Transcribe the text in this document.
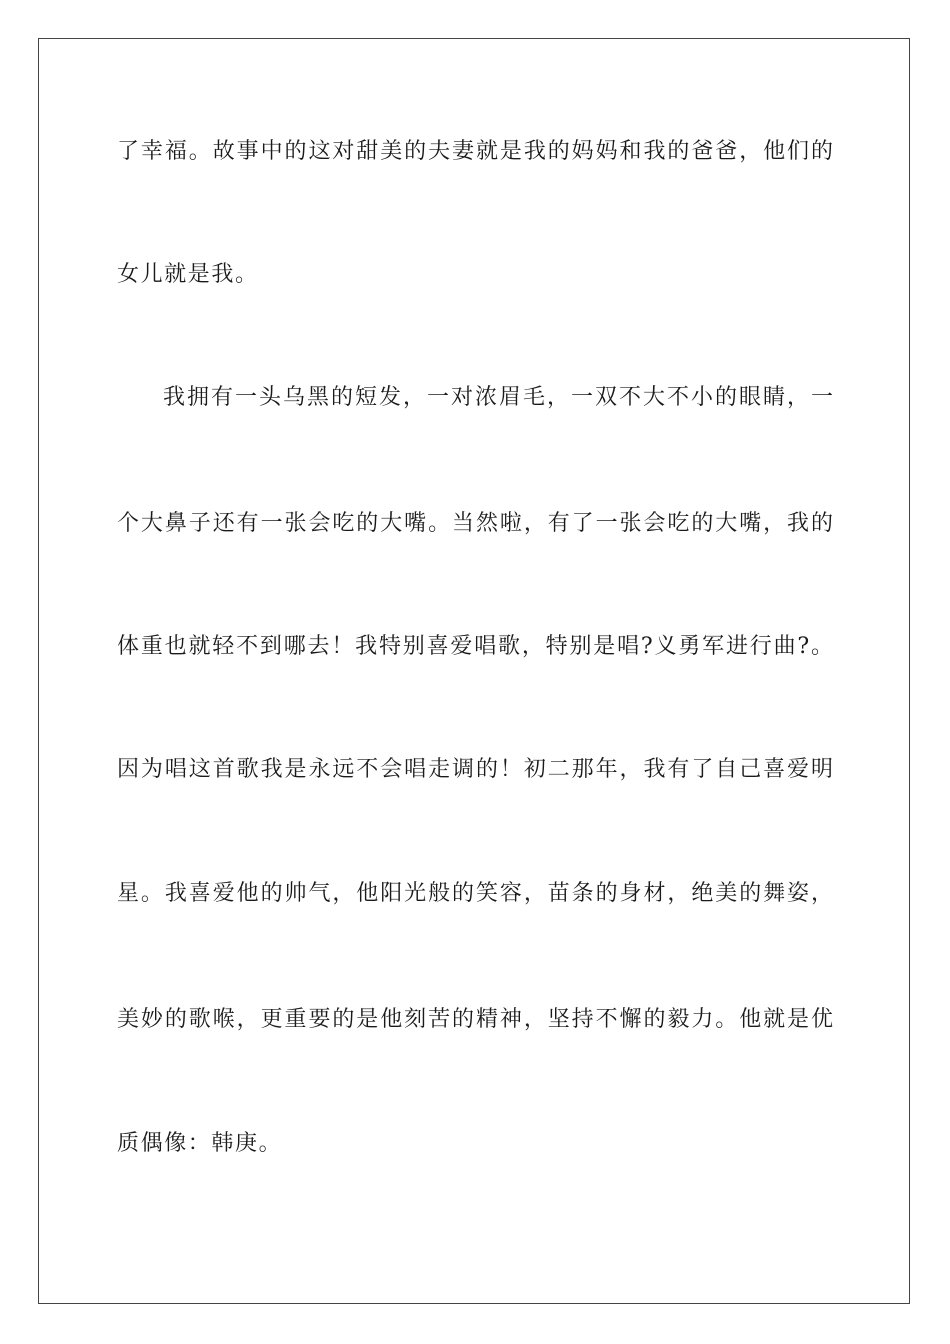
了幸福。故事中的这对甜美的夫妻就是我的妈妈和我的爸爸，他们的
女儿就是我。
我拥有一头乌黑的短发，一对浓眉毛，一双不大不小的眼睛，一
个大鼻子还有一张会吃的大嘴。当然啦，有了一张会吃的大嘴，我的
体重也就轻不到哪去！我特别喜爱唱歌，特别是唱?义勇军进行曲?。
因为唱这首歌我是永远不会唱走调的！初二那年，我有了自己喜爱明
星。我喜爱他的帅气，他阳光般的笑容，苗条的身材，绝美的舞姿，
美妙的歌喉，更重要的是他刻苦的精神，坚持不懈的毅力。他就是优
质偶像：韩庚。
